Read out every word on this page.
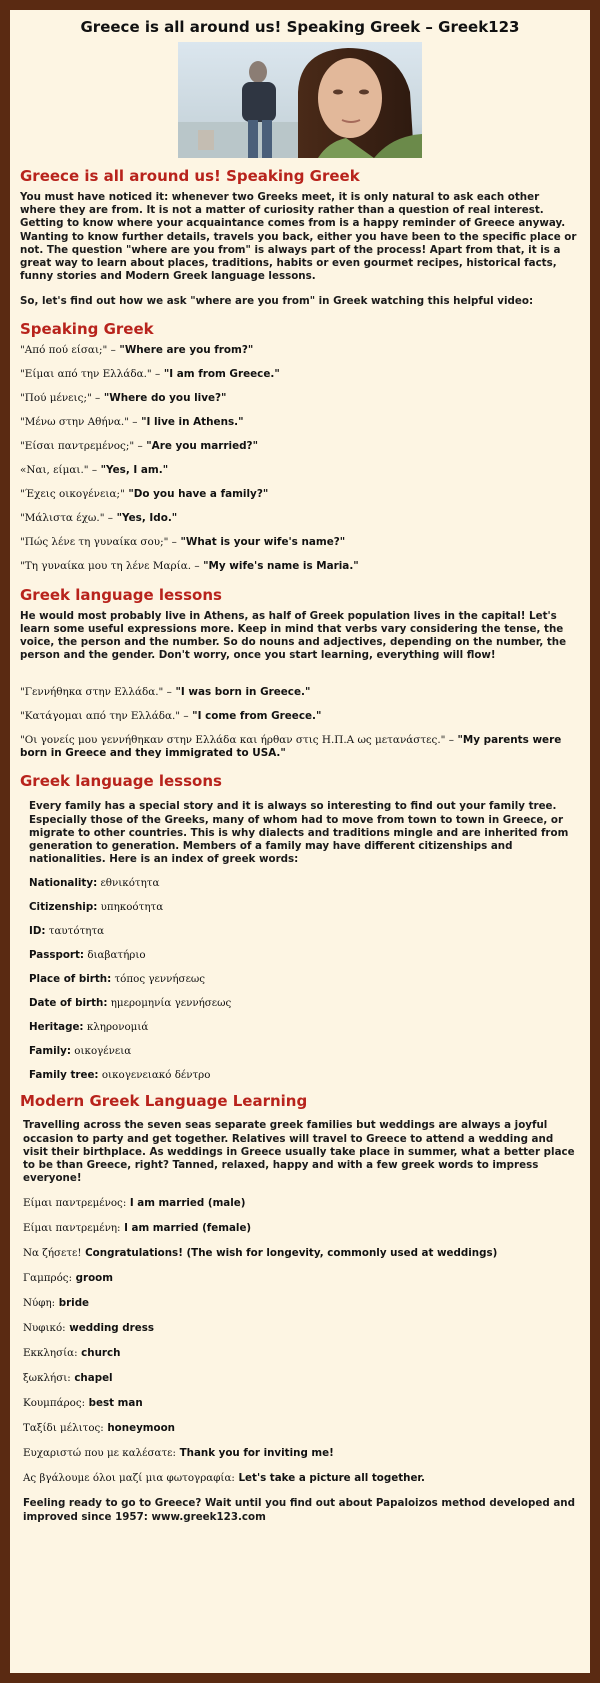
Greece is all around us! Speaking Greek – Greek123
Greece is all around us! Speaking Greek

You must have noticed it: whenever two Greeks meet, it is only natural to ask each other where they are from. It is not a matter of curiosity rather than a question of real interest. Getting to know where your acquaintance comes from is a happy reminder of Greece anyway. Wanting to know further details, travels you back, either you have been to the specific place or not. The question "where are you from" is always part of the process! Apart from that, it is a great way to learn about places, traditions, habits or even gourmet recipes, historical facts, funny stories and Modern Greek language lessons.

So, let's find out how we ask "where are you from" in Greek watching this helpful video:

Speaking Greek

"Από πού είσαι;" – "Where are you from?"

"Είμαι από την Ελλάδα." – "I am from Greece."

"Πού μένεις;" – "Where do you live?"

"Μένω στην Αθήνα." – "I live in Athens."

"Είσαι παντρεμένος;" – "Are you married?"

«Ναι, είμαι." – "Yes, I am."

"Έχεις οικογένεια;" "Do you have a family?"

"Μάλιστα έχω." – "Yes, Ido."

"Πώς λένε τη γυναίκα σου;" – "What is your wife's name?"

"Τη γυναίκα μου τη λένε Μαρία. – "My wife's name is Maria."

Greek language lessons

He would most probably live in Athens, as half of Greek population lives in the capital! Let's learn some useful expressions more. Keep in mind that verbs vary considering the tense, the voice, the person and the number. So do nouns and adjectives, depending on the number, the person and the gender. Don't worry, once you start learning, everything will flow!

"Γεννήθηκα στην Ελλάδα." – "I was born in Greece."

"Κατάγομαι από την Ελλάδα." – "I come from Greece."

"Οι γονείς μου γεννήθηκαν στην Ελλάδα και ήρθαν στις Η.Π.Α ως μετανάστες." – "My parents were born in Greece and they immigrated to USA."

Greek language lessons

Every family has a special story and it is always so interesting to find out your family tree. Especially those of the Greeks, many of whom had to move from town to town in Greece, or migrate to other countries. This is why dialects and traditions mingle and are inherited from generation to generation. Members of a family may have different citizenships and nationalities. Here is an index of greek words:

Nationality: εθνικότητα

Citizenship: υπηκοότητα

ID: ταυτότητα

Passport: διαβατήριο

Place of birth: τόπος γεννήσεως

Date of birth: ημερομηνία γεννήσεως

Heritage: κληρονομιά

Family: οικογένεια

Family tree: οικογενειακό δέντρο

Modern Greek Language Learning

Travelling across the seven seas separate greek families but weddings are always a joyful occasion to party and get together. Relatives will travel to Greece to attend a wedding and visit their birthplace. As weddings in Greece usually take place in summer, what a better place to be than Greece, right? Tanned, relaxed, happy and with a few greek words to impress everyone!

Είμαι παντρεμένος: I am married (male)

Είμαι παντρεμένη: I am married (female)

Να ζήσετε! Congratulations! (The wish for longevity, commonly used at weddings)

Γαμπρός: groom

Νύφη: bride

Νυφικό: wedding dress

Εκκλησία: church

ξωκλήσι: chapel

Κουμπάρος: best man

Ταξίδι μέλιτος: honeymoon

Ευχαριστώ που με καλέσατε: Thank you for inviting me!

Ας βγάλουμε όλοι μαζί μια φωτογραφία: Let's take a picture all together.

Feeling ready to go to Greece? Wait until you find out about Papaloizos method developed and improved since 1957: www.greek123.com
